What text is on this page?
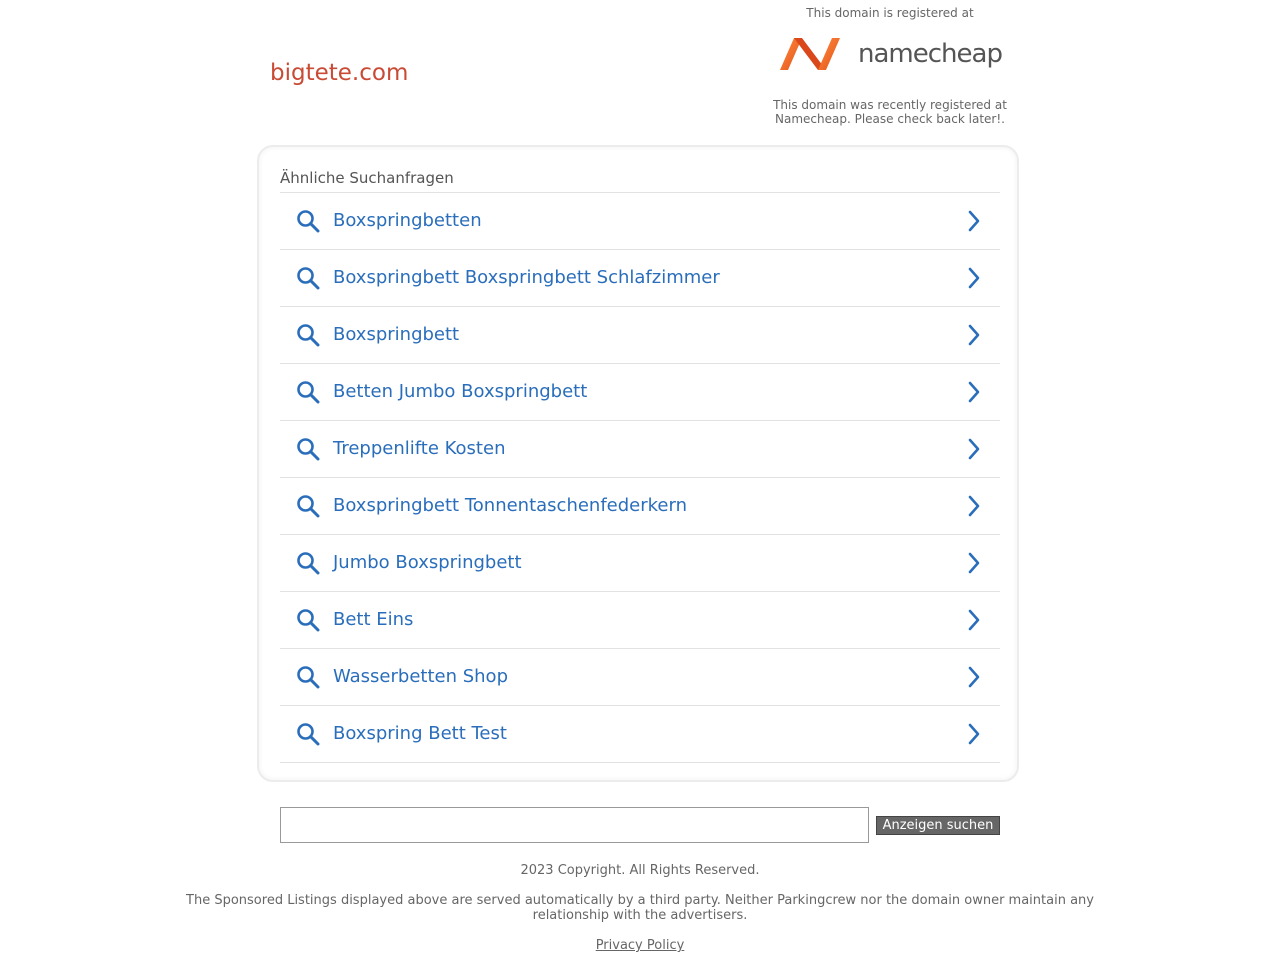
bigtete.com
This domain is registered at
namecheap
This domain was recently registered at
Namecheap. Please check back later!.
Ähnliche Suchanfragen
Boxspringbetten
Boxspringbett Boxspringbett Schlafzimmer
Boxspringbett
Betten Jumbo Boxspringbett
Treppenlifte Kosten
Boxspringbett Tonnentaschenfederkern
Jumbo Boxspringbett
Bett Eins
Wasserbetten Shop
Boxspring Bett Test
Anzeigen suchen
2023 Copyright. All Rights Reserved.
The Sponsored Listings displayed above are served automatically by a third party. Neither Parkingcrew nor the domain owner maintain any relationship with the advertisers.
Privacy Policy
